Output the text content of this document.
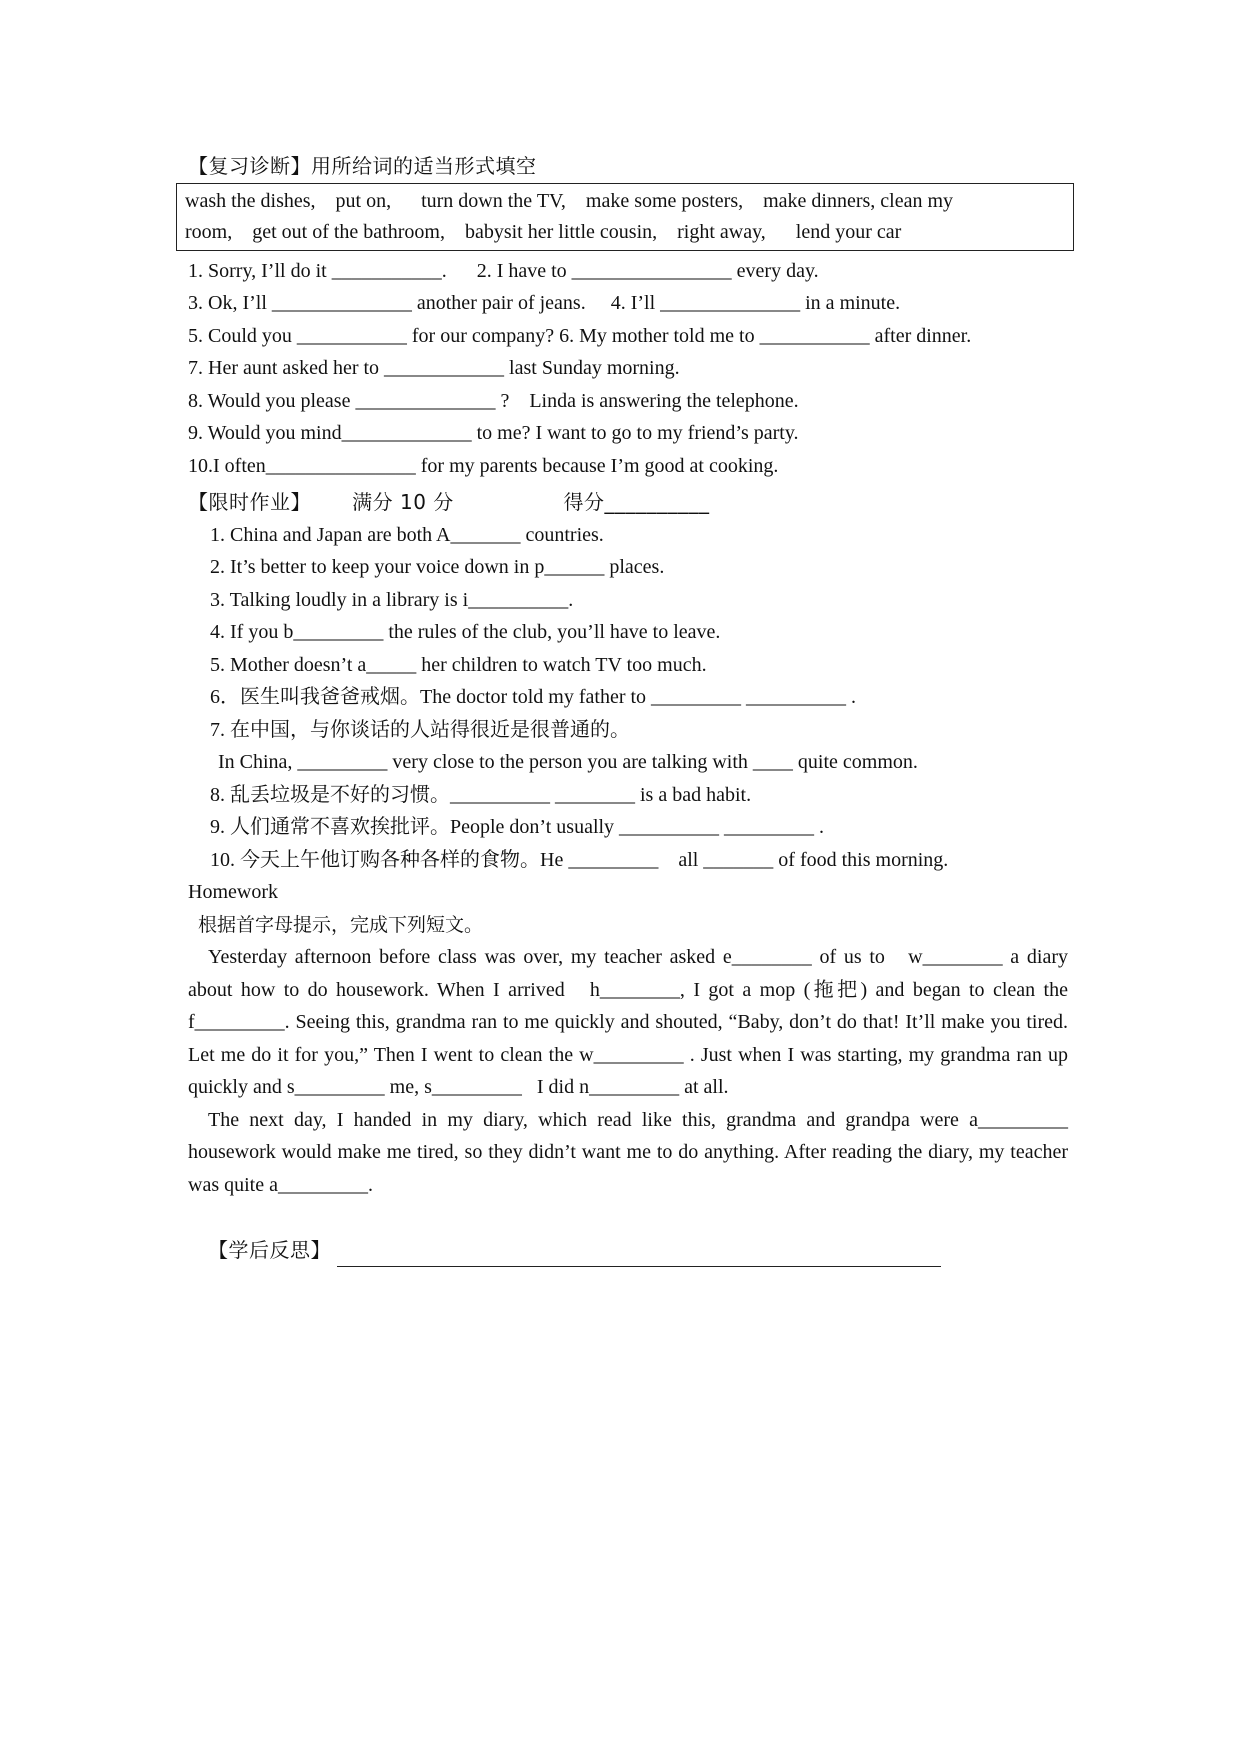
【复习诊断】用所给词的适当形式填空
wash the dishes,    put on,      turn down the TV,    make some posters,    make dinners, clean my
room,    get out of the bathroom,    babysit her little cousin,    right away,      lend your car
1. Sorry, I’ll do it ___________.      2. I have to ________________ every day.
3. Ok, I’ll ______________ another pair of jeans.     4. I’ll ______________ in a minute.
5. Could you ___________ for our company? 6. My mother told me to ___________ after dinner.
7. Her aunt asked her to ____________ last Sunday morning.
8. Would you please ______________ ?    Linda is answering the telephone.
9. Would you mind_____________ to me? I want to go to my friend’s party.
10.I often_______________ for my parents because I’m good at cooking.
【限时作业】      满分 10 分                得分__________
1. China and Japan are both A_______ countries.
2. It’s better to keep your voice down in p______ places.
3. Talking loudly in a library is i__________.
4. If you b_________ the rules of the club, you’ll have to leave.
5. Mother doesn’t a_____ her children to watch TV too much.
6．医生叫我爸爸戒烟。The doctor told my father to _________ __________ .
7. 在中国，与你谈话的人站得很近是很普通的。
In China, _________ very close to the person you are talking with ____ quite common.
8. 乱丢垃圾是不好的习惯。__________ ________ is a bad habit.
9. 人们通常不喜欢挨批评。People don’t usually __________ _________ .
10. 今天上午他订购各种各样的食物。He _________    all _______ of food this morning.
Homework
根据首字母提示，完成下列短文。
Yesterday afternoon before class was over, my teacher asked e________ of us to   w________ a diary about how to do housework. When I arrived   h________, I got a mop (拖把) and began to clean the f_________. Seeing this, grandma ran to me quickly and shouted, “Baby, don’t do that! It’ll make you tired. Let me do it for you,” Then I went to clean the w_________ . Just when I was starting, my grandma ran up quickly and s_________ me, s_________   I did n_________ at all.
The next day, I handed in my diary, which read like this, grandma and grandpa were a_________ housework would make me tired, so they didn’t want me to do anything. After reading the diary, my teacher was quite a_________.

【学后反思】
